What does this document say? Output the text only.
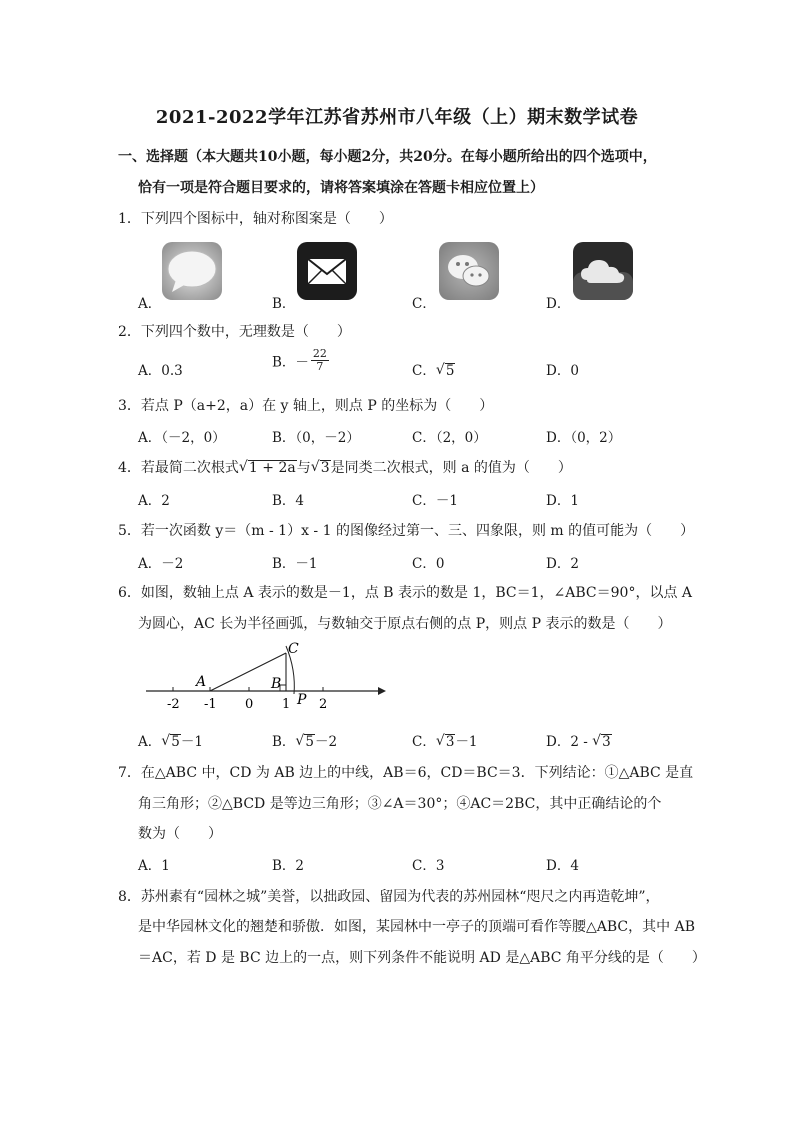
2021-2022学年江苏省苏州市八年级（上）期末数学试卷
一、选择题（本大题共10小题，每小题2分，共20分。在每小题所给出的四个选项中，
恰有一项是符合题目要求的，请将答案填涂在答题卡相应位置上）
1．下列四个图标中，轴对称图案是（　　）
A．	B．	C．	D．
2．下列四个数中，无理数是（　　）
A．0.3
B．－ $\frac{22}{7}$	C． √ 5	D．0
3．若点 P（a+2，a）在 y 轴上，则点 P 的坐标为（　　）
A．（－2，0）	B．（0，－2）	C．（2，0）	D．（0，2）
4．若最简二次根式 √ 1 + 2a与 √ 3是同类二次根式，则 a 的值为（　　）
A．2	B．4	C．－1	D．1
5．若一次函数 y＝（m - 1）x - 1 的图像经过第一、三、四象限，则 m 的值可能为（　　）
A．－2	B．－1	C．0	D．2
6．如图，数轴上点 A 表示的数是－1，点 B 表示的数是 1，BC＝1，∠ABC＝90°，以点 A
为圆心，AC 长为半径画弧，与数轴交于原点右侧的点 P，则点 P 表示的数是（　　）
-2 -1 0 1 2
A	B
C
P
A． √ 5－1	B． √ 5－2	C． √ 3－1	D．2 - √ 3
7．在△ABC 中，CD 为 AB 边上的中线，AB＝6，CD＝BC＝3．下列结论：①△ABC 是直
角三角形；②△BCD 是等边三角形；③∠A＝30°；④AC＝2BC，其中正确结论的个
数为（　　）
A．1	B．2	C．3	D．4
8．苏州素有“园林之城”美誉，以拙政园、留园为代表的苏州园林“咫尺之内再造乾坤”，
是中华园林文化的翘楚和骄傲．如图，某园林中一亭子的顶端可看作等腰△ABC，其中 AB
＝AC，若 D 是 BC 边上的一点，则下列条件不能说明 AD 是△ABC 角平分线的是（　　）
